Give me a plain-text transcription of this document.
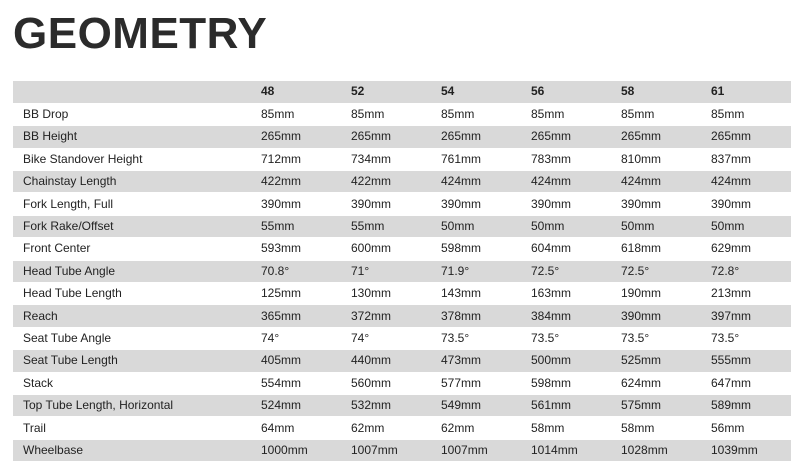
GEOMETRY
	48	52	54	56	58	61
BB Drop	85mm	85mm	85mm	85mm	85mm	85mm
BB Height	265mm	265mm	265mm	265mm	265mm	265mm
Bike Standover Height	712mm	734mm	761mm	783mm	810mm	837mm
Chainstay Length	422mm	422mm	424mm	424mm	424mm	424mm
Fork Length, Full	390mm	390mm	390mm	390mm	390mm	390mm
Fork Rake/Offset	55mm	55mm	50mm	50mm	50mm	50mm
Front Center	593mm	600mm	598mm	604mm	618mm	629mm
Head Tube Angle	70.8°	71°	71.9°	72.5°	72.5°	72.8°
Head Tube Length	125mm	130mm	143mm	163mm	190mm	213mm
Reach	365mm	372mm	378mm	384mm	390mm	397mm
Seat Tube Angle	74°	74°	73.5°	73.5°	73.5°	73.5°
Seat Tube Length	405mm	440mm	473mm	500mm	525mm	555mm
Stack	554mm	560mm	577mm	598mm	624mm	647mm
Top Tube Length, Horizontal	524mm	532mm	549mm	561mm	575mm	589mm
Trail	64mm	62mm	62mm	58mm	58mm	56mm
Wheelbase	1000mm	1007mm	1007mm	1014mm	1028mm	1039mm
